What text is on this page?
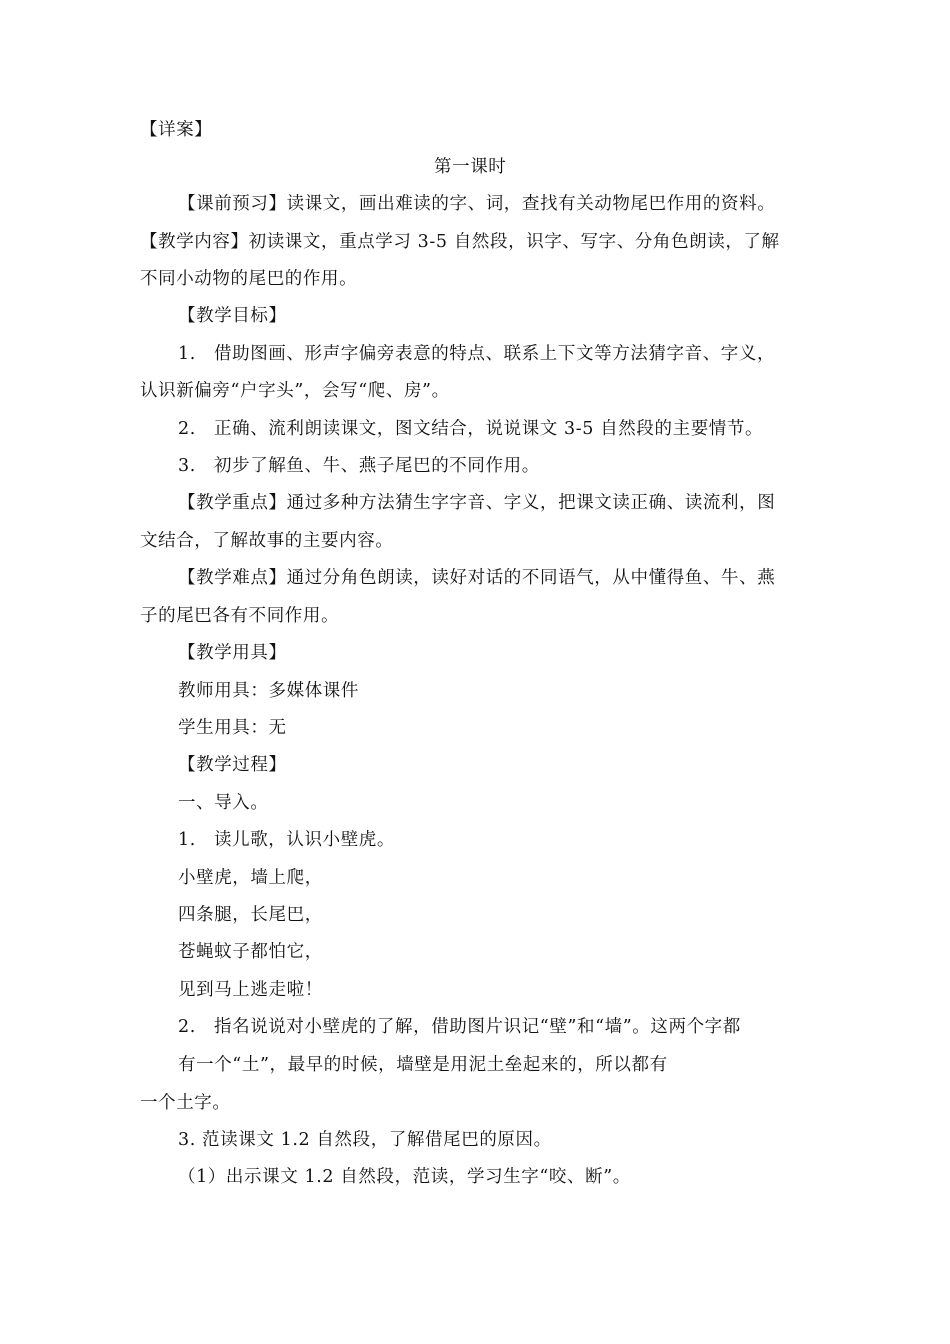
【详案】
第一课时
【课前预习】读课文，画出难读的字、词，查找有关动物尾巴作用的资料。
【教学内容】初读课文，重点学习 3-5 自然段，识字、写字、分角色朗读，了解
不同小动物的尾巴的作用。
【教学目标】
1.　借助图画、形声字偏旁表意的特点、联系上下文等方法猜字音、字义，
认识新偏旁“户字头”，会写“爬、房”。
2.　正确、流利朗读课文，图文结合，说说课文 3-5 自然段的主要情节。
3.　初步了解鱼、牛、燕子尾巴的不同作用。
【教学重点】通过多种方法猜生字字音、字义，把课文读正确、读流利，图
文结合，了解故事的主要内容。
【教学难点】通过分角色朗读，读好对话的不同语气，从中懂得鱼、牛、燕
子的尾巴各有不同作用。
【教学用具】
教师用具：多媒体课件
学生用具：无
【教学过程】
一、导入。
1.　读儿歌，认识小壁虎。
小壁虎，墙上爬，
四条腿，长尾巴，
苍蝇蚊子都怕它，
见到马上逃走啦！
2.　指名说说对小壁虎的了解，借助图片识记“壁”和“墙”。这两个字都
有一个“土”，最早的时候，墙壁是用泥土垒起来的，所以都有
一个土字。
3. 范读课文 1.2 自然段，了解借尾巴的原因。
（1）出示课文 1.2 自然段，范读，学习生字“咬、断”。
